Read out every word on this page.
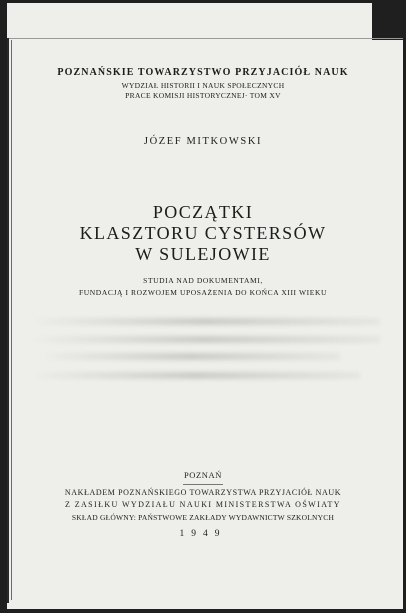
POZNAŃSKIE TOWARZYSTWO PRZYJACIÓŁ NAUK
WYDZIAŁ HISTORII I NAUK SPOŁECZNYCH
PRACE KOMISJI HISTORYCZNEJ· TOM XV
JÓZEF MITKOWSKI
POCZĄTKI
KLASZTORU CYSTERSÓW
W SULEJOWIE
STUDIA NAD DOKUMENTAMI,
FUNDACJĄ I ROZWOJEM UPOSAŻENIA DO KOŃCA XIII WIEKU
POZNAŃ
NAKŁADEM POZNAŃSKIEGO TOWARZYSTWA PRZYJACIÓŁ NAUK
Z ZASIŁKU WYDZIAŁU NAUKI MINISTERSTWA OŚWIATY
SKŁAD GŁÓWNY: PAŃSTWOWE ZAKŁADY WYDAWNICTW SZKOLNYCH
1949
